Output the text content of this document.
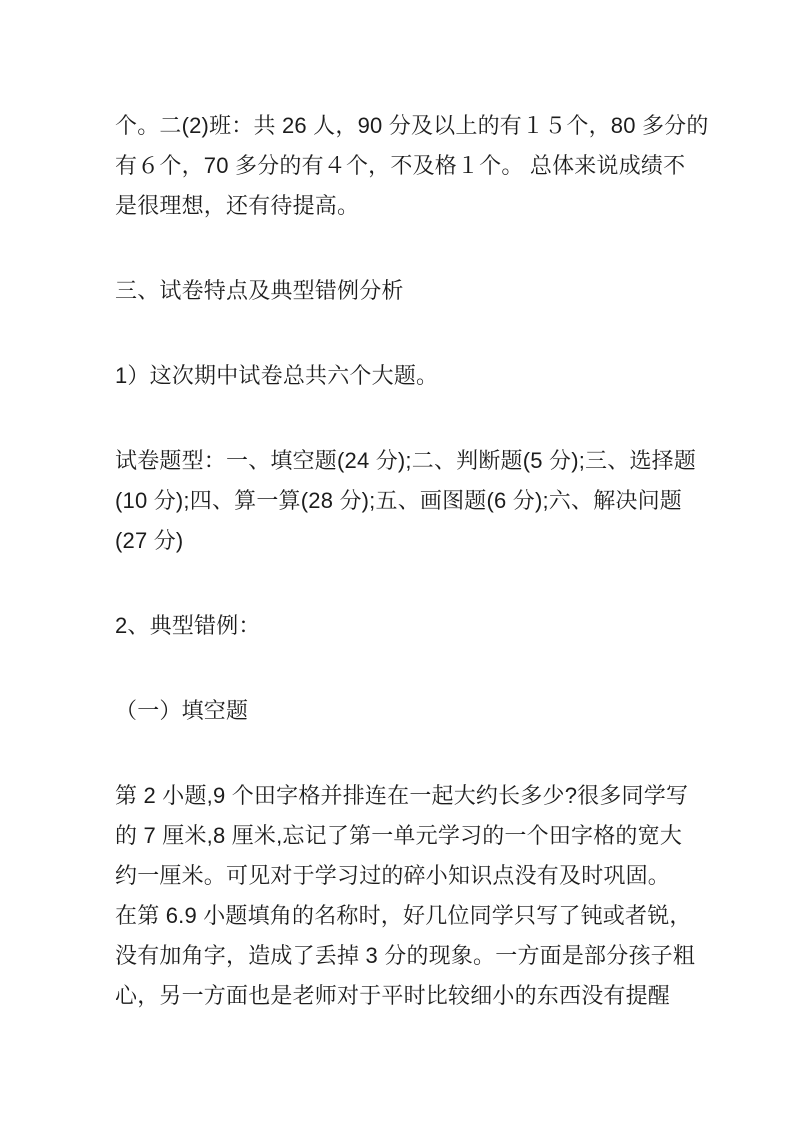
个。二(2)班：共 26 人，90 分及以上的有１５个，80 多分的
有６个，70 多分的有４个，不及格１个。 总体来说成绩不
是很理想，还有待提高。

三、试卷特点及典型错例分析

1）这次期中试卷总共六个大题。

试卷题型：一、填空题(24 分);二、判断题(5 分);三、选择题
(10 分);四、算一算(28 分);五、画图题(6 分);六、解决问题
(27 分)

2、典型错例：

（一）填空题

第 2 小题,9 个田字格并排连在一起大约长多少?很多同学写
的 7 厘米,8 厘米,忘记了第一单元学习的一个田字格的宽大
约一厘米。可见对于学习过的碎小知识点没有及时巩固。
在第 6.9 小题填角的名称时，好几位同学只写了钝或者锐，
没有加角字，造成了丢掉 3 分的现象。一方面是部分孩子粗
心，另一方面也是老师对于平时比较细小的东西没有提醒
